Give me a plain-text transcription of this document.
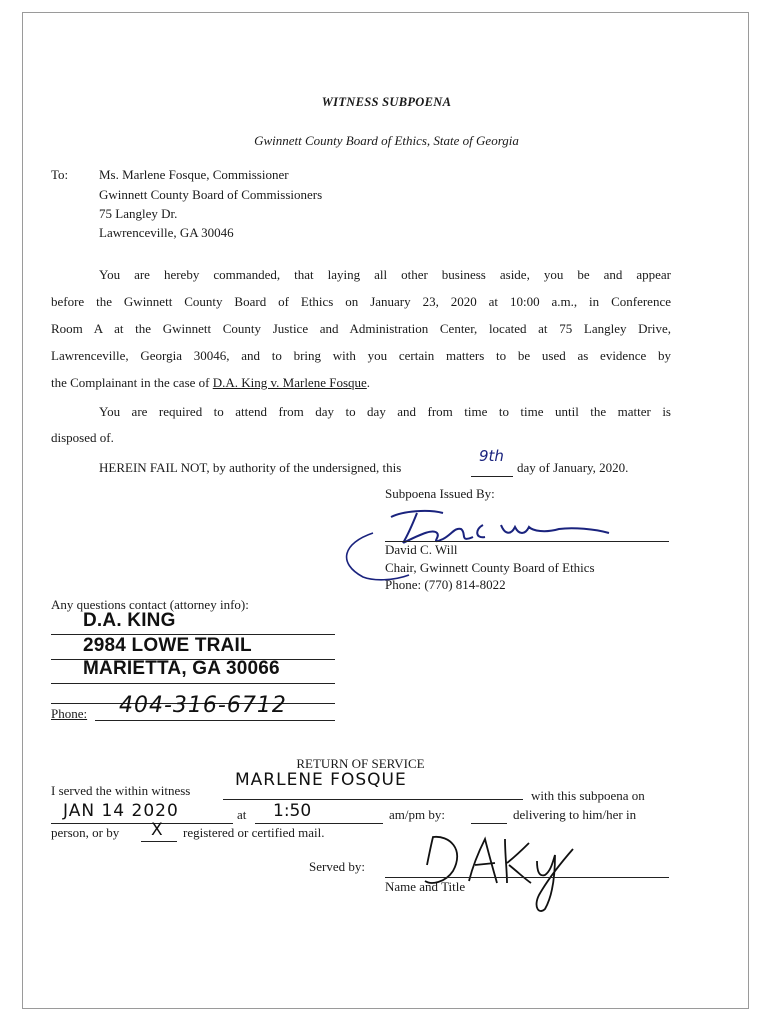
WITNESS SUBPOENA
Gwinnett County Board of Ethics, State of Georgia
To: Ms. Marlene Fosque, Commissioner
Gwinnett County Board of Commissioners
75 Langley Dr.
Lawrenceville, GA 30046
You are hereby commanded, that laying all other business aside, you be and appear
before the Gwinnett County Board of Ethics on January 23, 2020 at 10:00 a.m., in Conference
Room A at the Gwinnett County Justice and Administration Center, located at 75 Langley Drive,
Lawrenceville, Georgia 30046, and to bring with you certain matters to be used as evidence by
the Complainant in the case of D.A. King v. Marlene Fosque.
You are required to attend from day to day and from time to time until the matter is
disposed of.
HEREIN FAIL NOT, by authority of the undersigned, this
9th
day of January, 2020.
Subpoena Issued By:
David C. Will
Chair, Gwinnett County Board of Ethics
Phone: (770) 814-8022
Any questions contact (attorney info):
D.A. KING
2984 LOWE TRAIL
MARIETTA, GA 30066
Phone: 404-316-6712
RETURN OF SERVICE
I served the within witness
MARLENE FOSQUE
with this subpoena on
JAN 14 2020	at 1:50	am/pm by:	delivering to him/her in
person, or by X registered or certified mail.
Served by:
Name and Title
